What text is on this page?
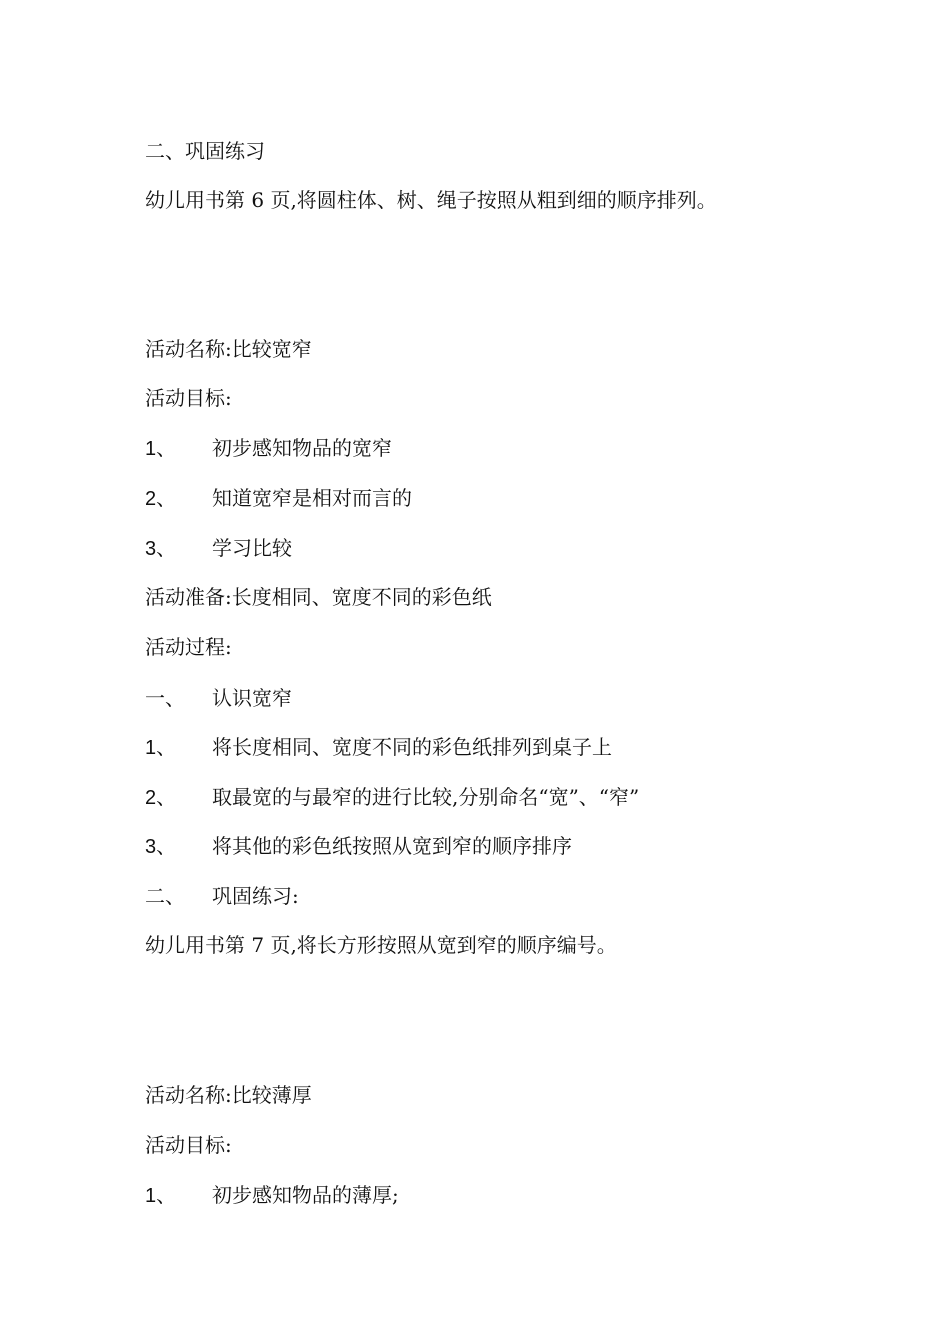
二、巩固练习
幼儿用书第 6 页,将圆柱体、树、绳子按照从粗到细的顺序排列。
活动名称:比较宽窄
活动目标:
1、 初步感知物品的宽窄
2、 知道宽窄是相对而言的
3、 学习比较
活动准备:长度相同、宽度不同的彩色纸
活动过程:
一、 认识宽窄
1、 将长度相同、宽度不同的彩色纸排列到桌子上
2、 取最宽的与最窄的进行比较,分别命名“宽”、“窄”
3、 将其他的彩色纸按照从宽到窄的顺序排序
二、 巩固练习:
幼儿用书第 7 页,将长方形按照从宽到窄的顺序编号。
活动名称:比较薄厚
活动目标:
1、 初步感知物品的薄厚;
